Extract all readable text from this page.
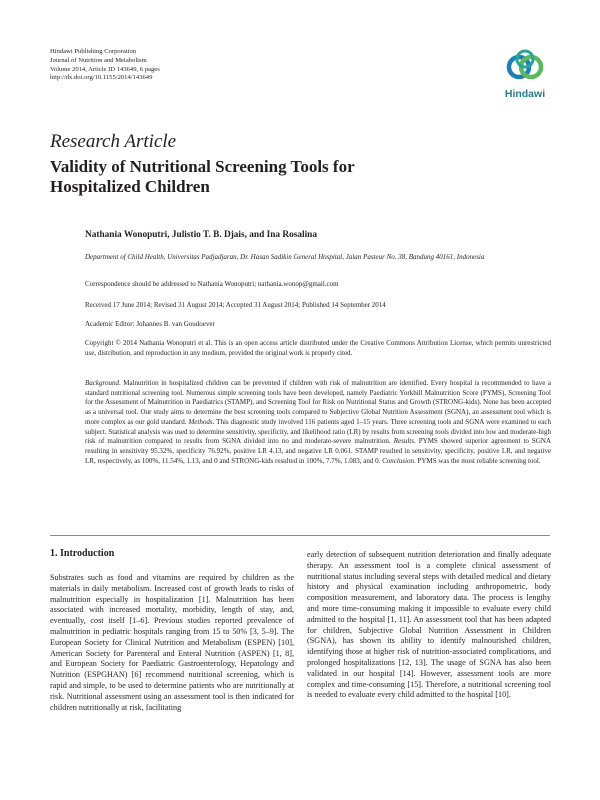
Hindawi Publishing Corporation
Journal of Nutrition and Metabolism
Volume 2014, Article ID 143649, 6 pages
http://dx.doi.org/10.1155/2014/143649
Hindawi
Research Article
Validity of Nutritional Screening Tools for Hospitalized Children
Nathania Wonoputri, Julistio T. B. Djais, and Ina Rosalina
Department of Child Health, Universitas Padjadjaran, Dr. Hasan Sadikin General Hospital, Jalan Pasteur No. 38, Bandung 40161, Indonesia
Correspondence should be addressed to Nathania Wonoputri; nathania.wonop@gmail.com
Received 17 June 2014; Revised 31 August 2014; Accepted 31 August 2014; Published 14 September 2014
Academic Editor: Johannes B. van Goudoever
Copyright © 2014 Nathania Wonoputri et al. This is an open access article distributed under the Creative Commons Attribution License, which permits unrestricted use, distribution, and reproduction in any medium, provided the original work is properly cited.
Background. Malnutrition in hospitalized children can be prevented if children with risk of malnutrition are identified. Every hospital is recommended to have a standard nutritional screening tool. Numerous simple screening tools have been developed, namely Paediatric Yorkhill Malnutrition Score (PYMS), Screening Tool for the Assessment of Malnutrition in Paediatrics (STAMP), and Screening Tool for Risk on Nutritional Status and Growth (STRONG-kids). None has been accepted as a universal tool. Our study aims to determine the best screening tools compared to Subjective Global Nutrition Assessment (SGNA), an assessment tool which is more complex as our gold standard. Methods. This diagnostic study involved 116 patients aged 1–15 years. Three screening tools and SGNA were examined to each subject. Statistical analysis was used to determine sensitivity, specificity, and likelihood ratio (LR) by results from screening tools divided into low and moderate-high risk of malnutrition compared to results from SGNA divided into no and moderate-severe malnutrition. Results. PYMS showed superior agreement to SGNA resulting in sensitivity 95.32%, specificity 76.92%, positive LR 4.13, and negative LR 0.061. STAMP resulted in sensitivity, specificity, positive LR, and negative LR, respectively, as 100%, 11.54%, 1.13, and 0 and STRONG-kids resulted in 100%, 7.7%, 1.083, and 0. Conclusion. PYMS was the most reliable screening tool.
1. Introduction

Substrates such as food and vitamins are required by children as the materials in daily metabolism. Increased cost of growth leads to risks of malnutrition especially in hospitalization [1]. Malnutrition has been associated with increased mortality, morbidity, length of stay, and, eventually, cost itself [1–6]. Previous studies reported prevalence of malnutrition in pediatric hospitals ranging from 15 to 50% [3, 5–9]. The European Society for Clinical Nutrition and Metabolism (ESPEN) [10], American Society for Parenteral and Enteral Nutrition (ASPEN) [1, 8], and European Society for Paediatric Gastroenterology, Hepatology and Nutrition (ESPGHAN) [6] recommend nutritional screening, which is rapid and simple, to be used to determine patients who are nutritionally at risk. Nutritional assessment using an assessment tool is then indicated for children nutritionally at risk, facilitating

early detection of subsequent nutrition deterioration and finally adequate therapy. An assessment tool is a complete clinical assessment of nutritional status including several steps with detailed medical and dietary history and physical examination including anthropometric, body composition measurement, and laboratory data. The process is lengthy and more time-consuming making it impossible to evaluate every child admitted to the hospital [1, 11]. An assessment tool that has been adapted for children, Subjective Global Nutrition Assessment in Children (SGNA), has shown its ability to identify malnourished children, identifying those at higher risk of nutrition-associated complications, and prolonged hospitalizations [12, 13]. The usage of SGNA has also been validated in our hospital [14]. However, assessment tools are more complex and time-consuming [15]. Therefore, a nutritional screening tool is needed to evaluate every child admitted to the hospital [10].
